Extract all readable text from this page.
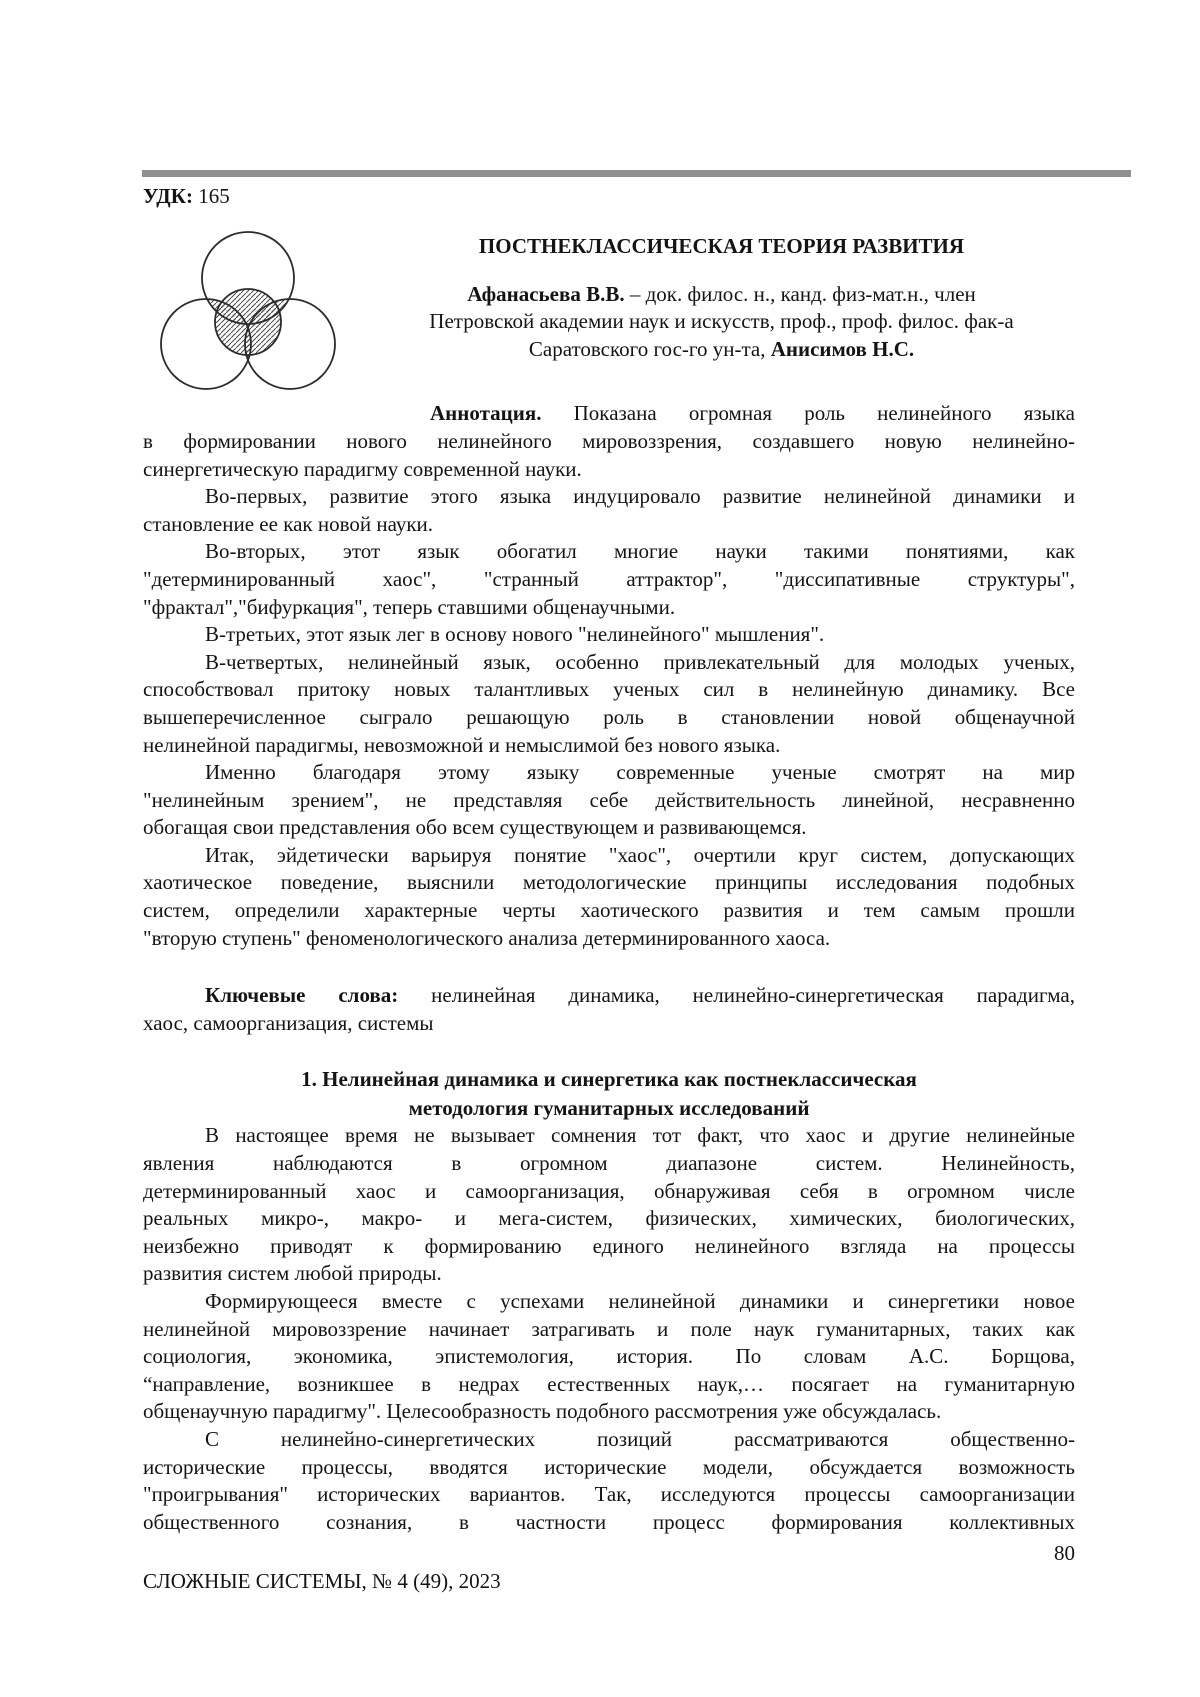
УДК: 165
ПОСТНЕКЛАССИЧЕСКАЯ ТЕОРИЯ РАЗВИТИЯ
Афанасьева В.В. – док. филос. н., канд. физ-мат.н., член
Петровской академии наук и искусств, проф., проф. филос. фак-а
Саратовского гос-го ун-та, Анисимов Н.С.
Аннотация. Показана огромная роль нелинейного языка
в формировании нового нелинейного мировоззрения, создавшего новую нелинейно-
синергетическую парадигму современной науки.
Во-первых, развитие этого языка индуцировало развитие нелинейной динамики и
становление ее как новой науки.
Во-вторых, этот язык обогатил многие науки такими понятиями, как
"детерминированный хаос", "странный аттрактор", "диссипативные структуры",
"фрактал","бифуркация", теперь ставшими общенаучными.
В-третьих, этот язык лег в основу нового "нелинейного" мышления".
В-четвертых, нелинейный язык, особенно привлекательный для молодых ученых,
способствовал притоку новых талантливых ученых сил в нелинейную динамику. Все
вышеперечисленное сыграло решающую роль в становлении новой общенаучной
нелинейной парадигмы, невозможной и немыслимой без нового языка.
Именно благодаря этому языку современные ученые смотрят на мир
"нелинейным зрением", не представляя себе действительность линейной, несравненно
обогащая свои представления обо всем существующем и развивающемся.
Итак, эйдетически варьируя понятие "хаос", очертили круг систем, допускающих
хаотическое поведение, выяснили методологические принципы исследования подобных
систем, определили характерные черты хаотического развития и тем самым прошли
"вторую ступень" феноменологического анализа детерминированного хаоса.
Ключевые слова: нелинейная динамика, нелинейно-синергетическая парадигма,
хаос, самоорганизация, системы
1. Нелинейная динамика и синергетика как постнеклассическая
методология гуманитарных исследований
В настоящее время не вызывает сомнения тот факт, что хаос и другие нелинейные
явления наблюдаются в огромном диапазоне систем. Нелинейность,
детерминированный хаос и самоорганизация, обнаруживая себя в огромном числе
реальных микро-, макро- и мега-систем, физических, химических, биологических,
неизбежно приводят к формированию единого нелинейного взгляда на процессы
развития систем любой природы.
Формирующееся вместе с успехами нелинейной динамики и синергетики новое
нелинейной мировоззрение начинает затрагивать и поле наук гуманитарных, таких как
социология, экономика, эпистемология, история. По словам А.С. Борщова,
“направление, возникшее в недрах естественных наук,… посягает на гуманитарную
общенаучную парадигму". Целесообразность подобного рассмотрения уже обсуждалась.
С нелинейно-синергетических позиций рассматриваются общественно-
исторические процессы, вводятся исторические модели, обсуждается возможность
"проигрывания" исторических вариантов. Так, исследуются процессы самоорганизации
общественного сознания, в частности процесс формирования коллективных
80
СЛОЖНЫЕ СИСТЕМЫ, № 4 (49), 2023
